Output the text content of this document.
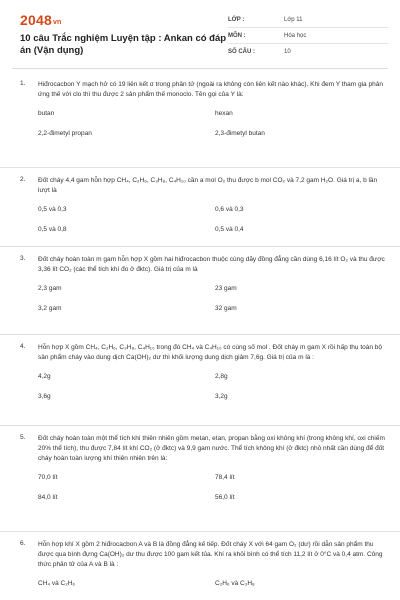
2048vn
10 câu Trắc nghiệm Luyện tập : Ankan có đáp án (Vận dụng)
LỚP :	Lớp 11
MÔN :	Hóa học
SỐ CÂU :	10
1. Hiđrocacbon Y mạch hở có 19 liên kết σ trong phân tử (ngoài ra không còn liên kết nào khác). Khi đem Y tham gia phản ứng thế với clo thì thu được 2 sản phẩm thế monoclo. Tên gọi của Y là:
butan	hexan
2,2-đimetyl propan	2,3-đimetyl butan
2. Đốt cháy 4,4 gam hỗn hợp CH₄, C₂H₆, C₃H₈, C₄H₁₀ cần a mol O₂ thu được b mol CO₂ và 7,2 gam H₂O. Giá trị a, b lần lượt là
0,5 và 0,3	0,6 và 0,3
0,5 và 0,8	0,5 và 0,4
3. Đốt cháy hoàn toàn m gam hỗn hợp X gồm hai hiđrocacbon thuộc cùng dãy đồng đẳng cần dùng 6,16 lít O₂ và thu được 3,36 lít CO₂ (các thể tích khí đo ở đktc). Giá trị của m là
2,3 gam	23 gam
3,2 gam	32 gam
4. Hỗn hợp X gồm CH₄, C₂H₆, C₃H₈, C₄H₁₀ trong đó CH₄ và C₄H₁₀ có cùng số mol . Đốt cháy m gam X rồi hấp thụ toàn bộ sản phẩm cháy vào dung dịch Ca(OH)₂ dư thì khối lượng dung dịch giảm 7,6g. Giá trị của m là :
4,2g	2,8g
3,6g	3,2g
5. Đốt cháy hoàn toàn một thể tích khí thiên nhiên gồm metan, etan, propan bằng oxi không khí (trong không khí, oxi chiếm 20% thể tích), thu được 7,84 lít khí CO₂ (ở đktc) và 9,9 gam nước. Thể tích không khí (ở đktc) nhỏ nhất cần dùng để đốt cháy hoàn toàn lượng khí thiên nhiên trên là:
70,0 lít	78,4 lít
84,0 lít	56,0 lít
6. Hỗn hợp khí X gồm 2 hiđrocacbon A và B là đồng đẳng kế tiếp. Đốt cháy X với 64 gam O₂ (dư) rồi dẫn sản phẩm thu được qua bình đựng Ca(OH)₂ dư thu được 100 gam kết tủa. Khí ra khỏi bình có thể tích 11,2 lít ở 0°C và 0,4 atm. Công thức phân tử của A và B là :
CH₄ và C₂H₆	C₂H₆ và C₃H₈
